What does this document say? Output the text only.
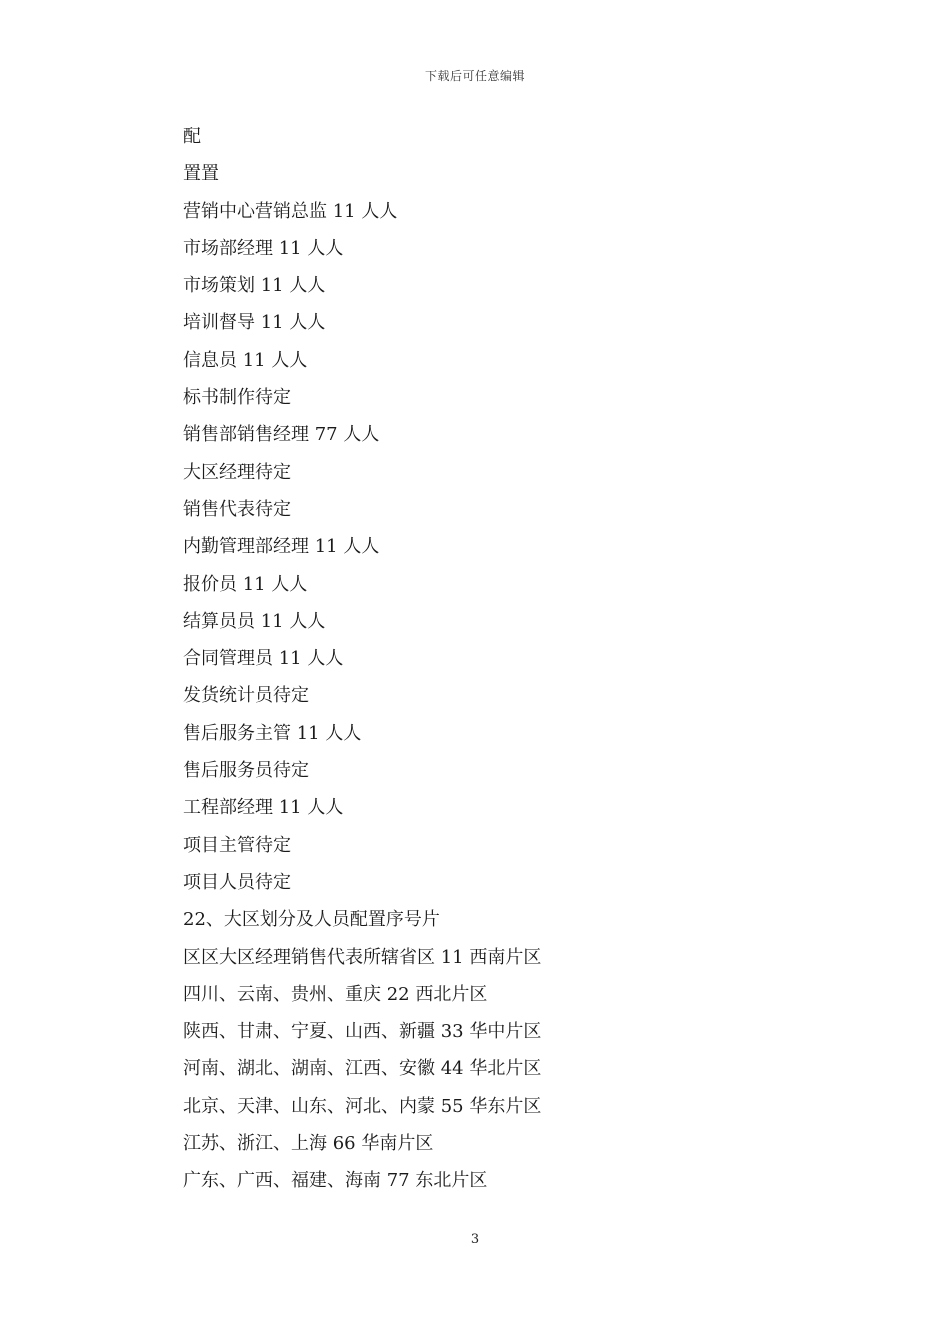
下载后可任意编辑
配
置置
营销中心营销总监 11 人人
市场部经理 11 人人
市场策划 11 人人
培训督导 11 人人
信息员 11 人人
标书制作待定
销售部销售经理 77 人人
大区经理待定
销售代表待定
内勤管理部经理 11 人人
报价员 11 人人
结算员员 11 人人
合同管理员 11 人人
发货统计员待定
售后服务主管 11 人人
售后服务员待定
工程部经理 11 人人
项目主管待定
项目人员待定
22、大区划分及人员配置序号片
区区大区经理销售代表所辖省区 11 西南片区
四川、云南、贵州、重庆 22 西北片区
陕西、甘肃、宁夏、山西、新疆 33 华中片区
河南、湖北、湖南、江西、安徽 44 华北片区
北京、天津、山东、河北、内蒙 55 华东片区
江苏、浙江、上海 66 华南片区
广东、广西、福建、海南 77 东北片区
3
